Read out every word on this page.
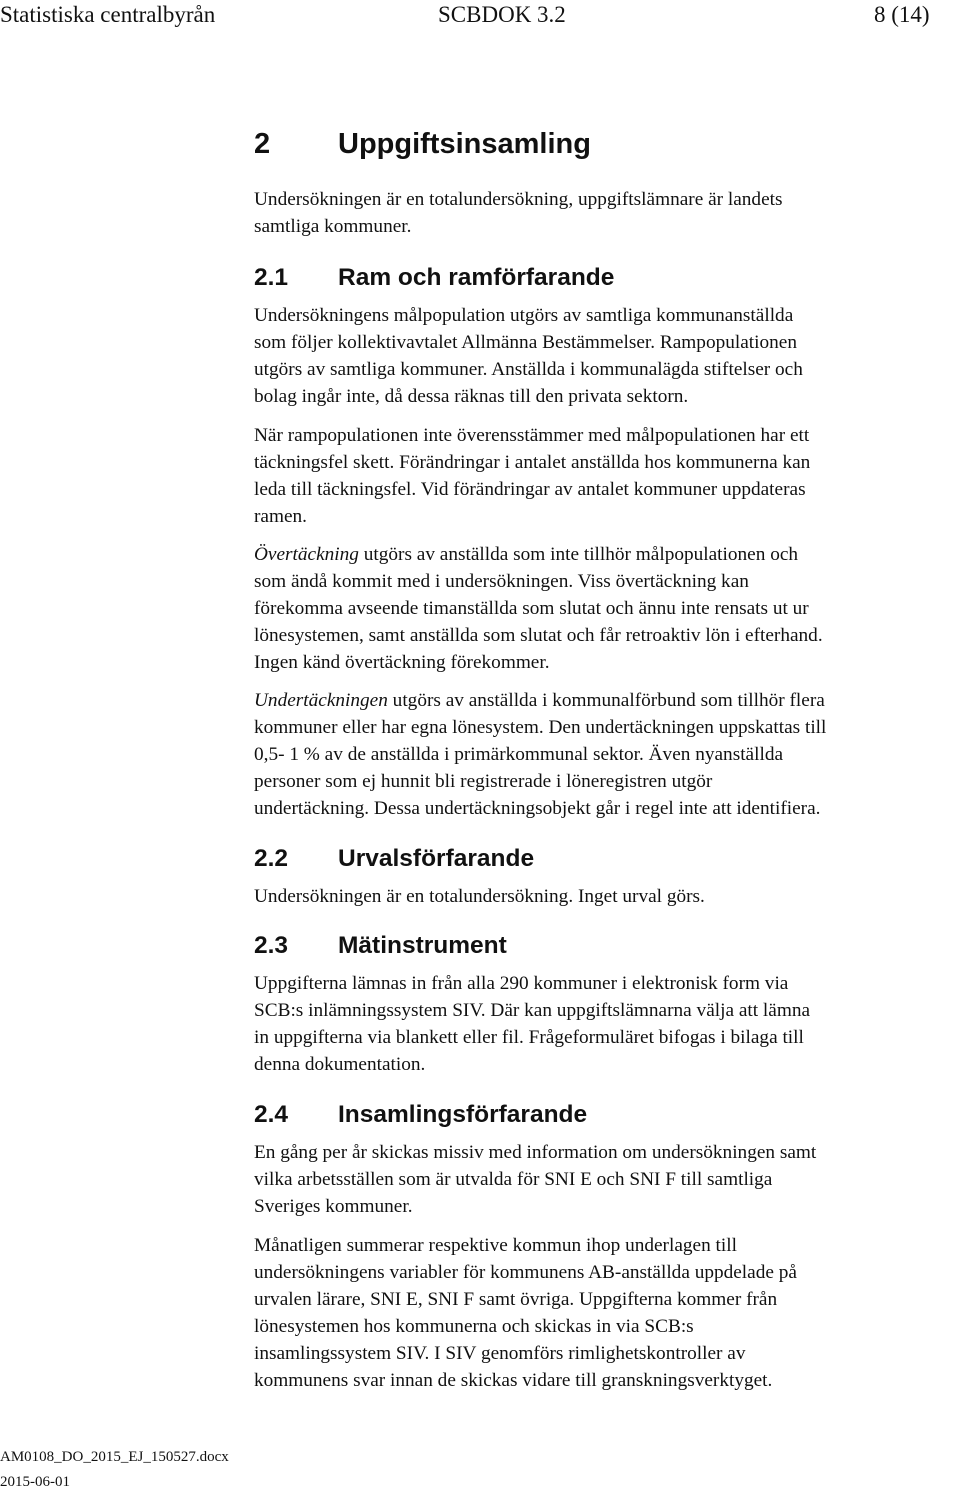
Statistiska centralbyrån	SCBDOK 3.2	8 (14)
2 Uppgiftsinsamling

Undersökningen är en totalundersökning, uppgiftslämnare är landets
samtliga kommuner.

2.1 Ram och ramförfarande

Undersökningens målpopulation utgörs av samtliga kommunanställda
som följer kollektivavtalet Allmänna Bestämmelser. Rampopulationen
utgörs av samtliga kommuner. Anställda i kommunalägda stiftelser och
bolag ingår inte, då dessa räknas till den privata sektorn.

När rampopulationen inte överensstämmer med målpopulationen har ett
täckningsfel skett. Förändringar i antalet anställda hos kommunerna kan
leda till täckningsfel. Vid förändringar av antalet kommuner uppdateras
ramen.

Övertäckning utgörs av anställda som inte tillhör målpopulationen och
som ändå kommit med i undersökningen. Viss övertäckning kan
förekomma avseende timanställda som slutat och ännu inte rensats ut ur
lönesystemen, samt anställda som slutat och får retroaktiv lön i efterhand.
Ingen känd övertäckning förekommer.

Undertäckningen utgörs av anställda i kommunalförbund som tillhör flera
kommuner eller har egna lönesystem. Den undertäckningen uppskattas till
0,5- 1 % av de anställda i primärkommunal sektor. Även nyanställda
personer som ej hunnit bli registrerade i löneregistren utgör
undertäckning. Dessa undertäckningsobjekt går i regel inte att identifiera.

2.2 Urvalsförfarande

Undersökningen är en totalundersökning. Inget urval görs.

2.3 Mätinstrument

Uppgifterna lämnas in från alla 290 kommuner i elektronisk form via
SCB:s inlämningssystem SIV. Där kan uppgiftslämnarna välja att lämna
in uppgifterna via blankett eller fil. Frågeformuläret bifogas i bilaga till
denna dokumentation.

2.4 Insamlingsförfarande

En gång per år skickas missiv med information om undersökningen samt
vilka arbetsställen som är utvalda för SNI E och SNI F till samtliga
Sveriges kommuner.

Månatligen summerar respektive kommun ihop underlagen till
undersökningens variabler för kommunens AB-anställda uppdelade på
urvalen lärare, SNI E, SNI F samt övriga. Uppgifterna kommer från
lönesystemen hos kommunerna och skickas in via SCB:s
insamlingssystem SIV. I SIV genomförs rimlighetskontroller av
kommunens svar innan de skickas vidare till granskningsverktyget.

AM0108_DO_2015_EJ_150527.docx
2015-06-01
